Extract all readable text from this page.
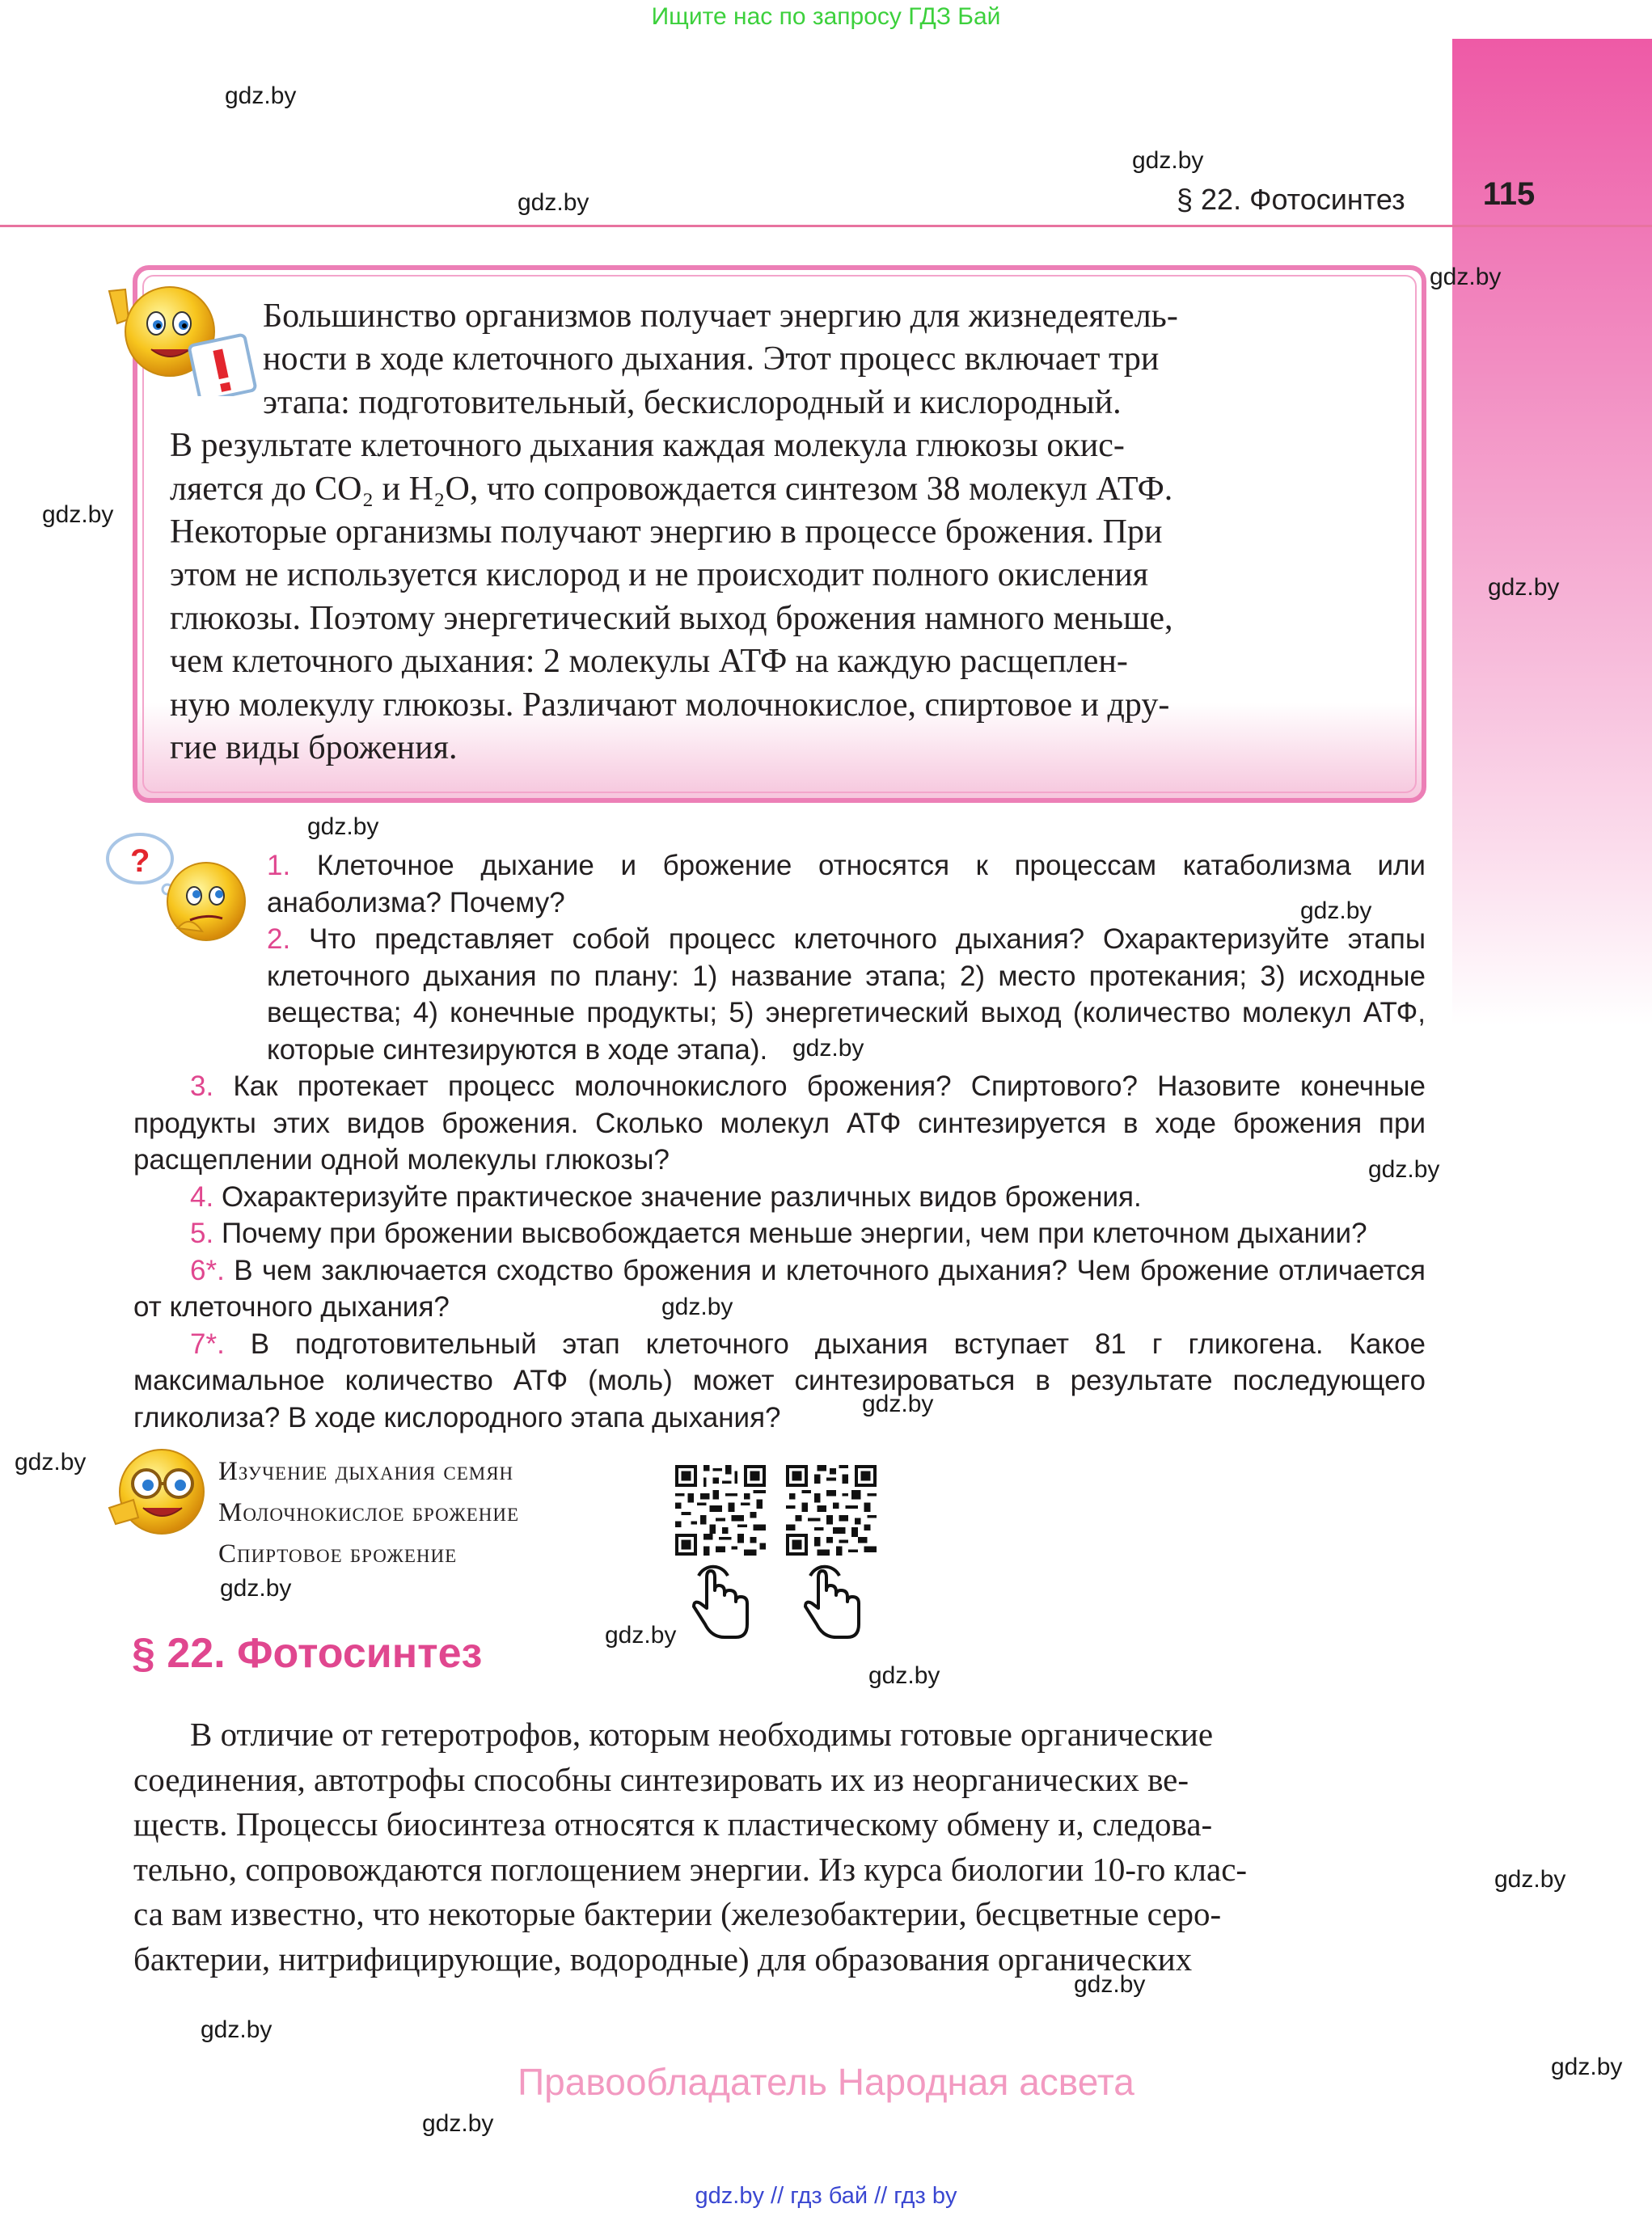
Ищите нас по запросу ГДЗ Бай
115
§ 22. Фотосинтез
gdz.by
gdz.by
gdz.by
gdz.by
gdz.by
gdz.by
gdz.by
gdz.by
gdz.by
gdz.by
gdz.by
gdz.by
gdz.by
gdz.by
gdz.by
gdz.by
gdz.by
gdz.by
gdz.by
gdz.by
gdz.by

Большинство организмов получает энергию для жизнедеятель-

ности в ходе клеточного дыхания. Этот процесс включает три

этапа: подготовительный, бескислородный и кислородный.

В результате клеточного дыхания каждая молекула глюкозы окис-

ляется до CO₂ и H₂O, что сопровождается синтезом 38 молекул АТФ.

Некоторые организмы получают энергию в процессе брожения. При

этом не используется кислород и не происходит полного окисления

глюкозы. Поэтому энергетический выход брожения намного меньше,

чем клеточного дыхания: 2 молекулы АТФ на каждую расщеплен-

ную молекулу глюкозы. Различают молочнокислое, спиртовое и дру-

гие виды брожения.

?	1. Клеточное дыхание и брожение относятся к процессам катаболизма или анаболизма? Почему?

2. Что представляет собой процесс клеточного дыхания? Охарактеризуйте этапы клеточного дыхания по плану: 1) название этапа; 2) место протекания; 3) исходные вещества; 4) конечные продукты; 5) энергетический выход (количество молекул АТФ, которые синтезируются в ходе этапа).

3. Как протекает процесс молочнокислого брожения? Спиртового? Назовите конечные продукты этих видов брожения. Сколько молекул АТФ синтезируется в ходе брожения при расщеплении одной молекулы глюкозы?

4. Охарактеризуйте практическое значение различных видов брожения.

5. Почему при брожении высвобождается меньше энергии, чем при клеточном дыхании?

6*. В чем заключается сходство брожения и клеточного дыхания? Чем брожение отличается от клеточного дыхания?

7*. В подготовительный этап клеточного дыхания вступает 81 г гликогена. Какое максимальное количество АТФ (моль) может синтезироваться в результате последующего гликолиза? В ходе кислородного этапа дыхания?

Изучение дыхания семян
Молочнокислое брожение
Спиртовое брожение
§ 22. Фотосинтез

В отличие от гетеротрофов, которым необходимы готовые органические

соединения, автотрофы способны синтезировать их из неорганических ве-

ществ. Процессы биосинтеза относятся к пластическому обмену и, следова-

тельно, сопровождаются поглощением энергии. Из курса биологии 10-го клас-

са вам известно, что некоторые бактерии (железобактерии, бесцветные серо-

бактерии, нитрифицирующие, водородные) для образования органических

Правообладатель Народная асвета
gdz.by // гдз бай // гдз by
